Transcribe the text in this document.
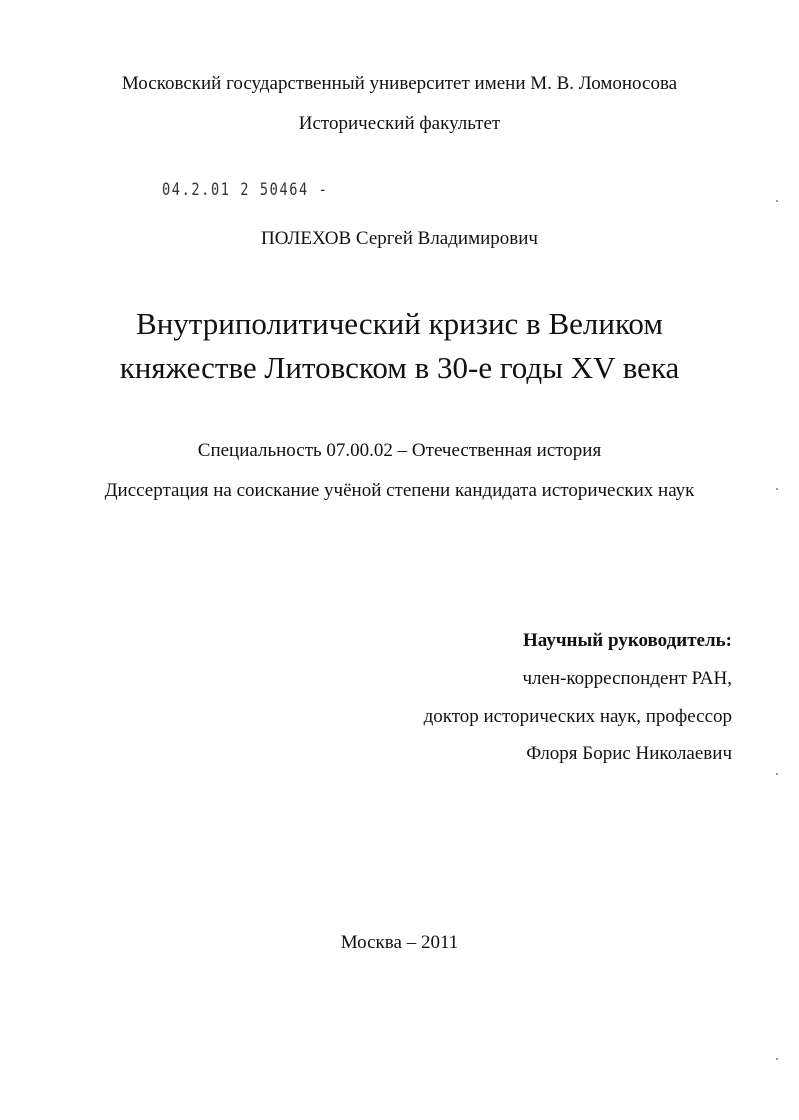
Московский государственный университет имени М. В. Ломоносова
Исторический факультет
04.2.01 2 50464 -
ПОЛЕХОВ Сергей Владимирович
Внутриполитический кризис в Великом
княжестве Литовском в 30-е годы XV века
Специальность 07.00.02 – Отечественная история
Диссертация на соискание учёной степени кандидата исторических наук
Научный руководитель:
член-корреспондент РАН,
доктор исторических наук, профессор
Флоря Борис Николаевич
Москва – 2011
